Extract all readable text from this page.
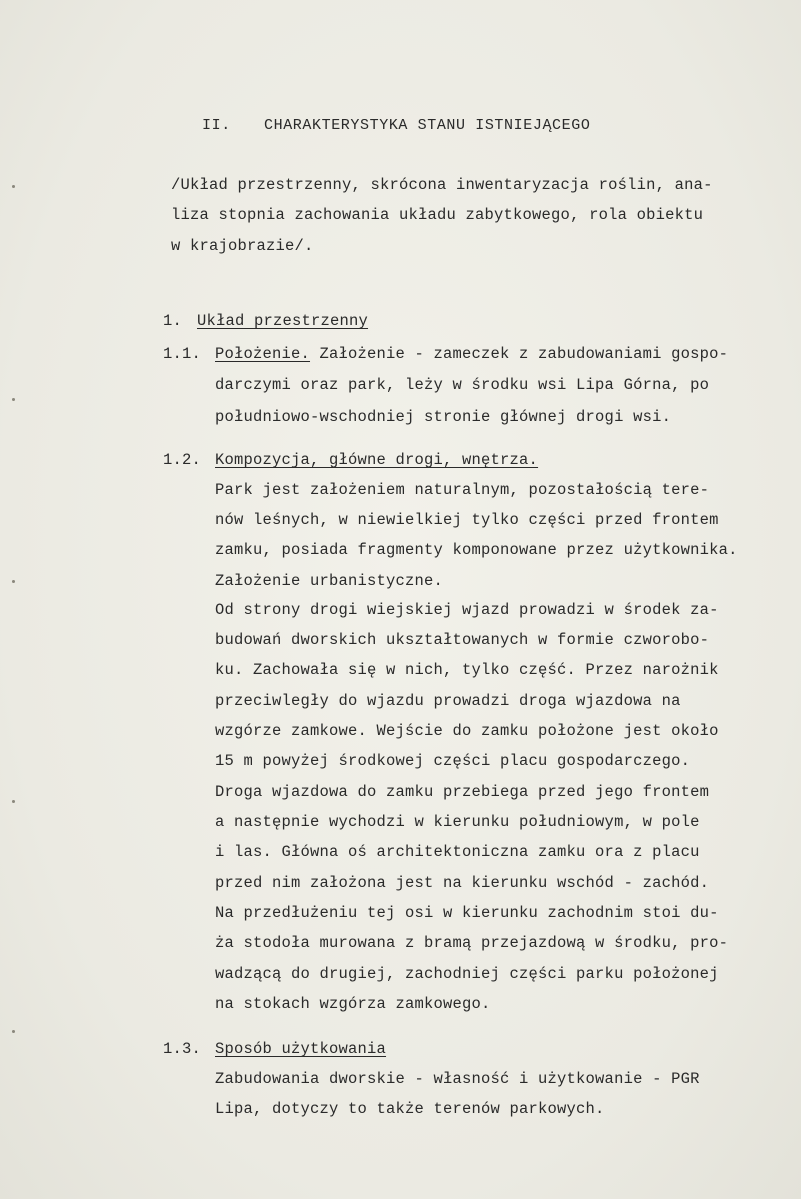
II. CHARAKTERYSTYKA STANU ISTNIEJĄCEGO
/Układ przestrzenny, skrócona inwentaryzacja roślin, ana-
liza stopnia zachowania układu zabytkowego, rola obiektu
w krajobrazie/.
1. Układ przestrzenny
1.1. Położenie. Założenie - zameczek z zabudowaniami gospo-
darczymi oraz park, leży w środku wsi Lipa Górna, po
południowo-wschodniej stronie głównej drogi wsi.
1.2. Kompozycja, główne drogi, wnętrza.
Park jest założeniem naturalnym, pozostałością tere-
nów leśnych, w niewielkiej tylko części przed frontem
zamku, posiada fragmenty komponowane przez użytkownika.
Założenie urbanistyczne.
Od strony drogi wiejskiej wjazd prowadzi w środek za-
budowań dworskich ukształtowanych w formie czworobo-
ku. Zachowała się w nich, tylko część. Przez narożnik
przeciwległy do wjazdu prowadzi droga wjazdowa na
wzgórze zamkowe. Wejście do zamku położone jest około
15 m powyżej środkowej części placu gospodarczego.
Droga wjazdowa do zamku przebiega przed jego frontem
a następnie wychodzi w kierunku południowym, w pole
i las. Główna oś architektoniczna zamku ora z placu
przed nim założona jest na kierunku wschód - zachód.
Na przedłużeniu tej osi w kierunku zachodnim stoi du-
ża stodoła murowana z bramą przejazdową w środku, pro-
wadzącą do drugiej, zachodniej części parku położonej
na stokach wzgórza zamkowego.
1.3. Sposób użytkowania
Zabudowania dworskie - własność i użytkowanie - PGR
Lipa, dotyczy to także terenów parkowych.
